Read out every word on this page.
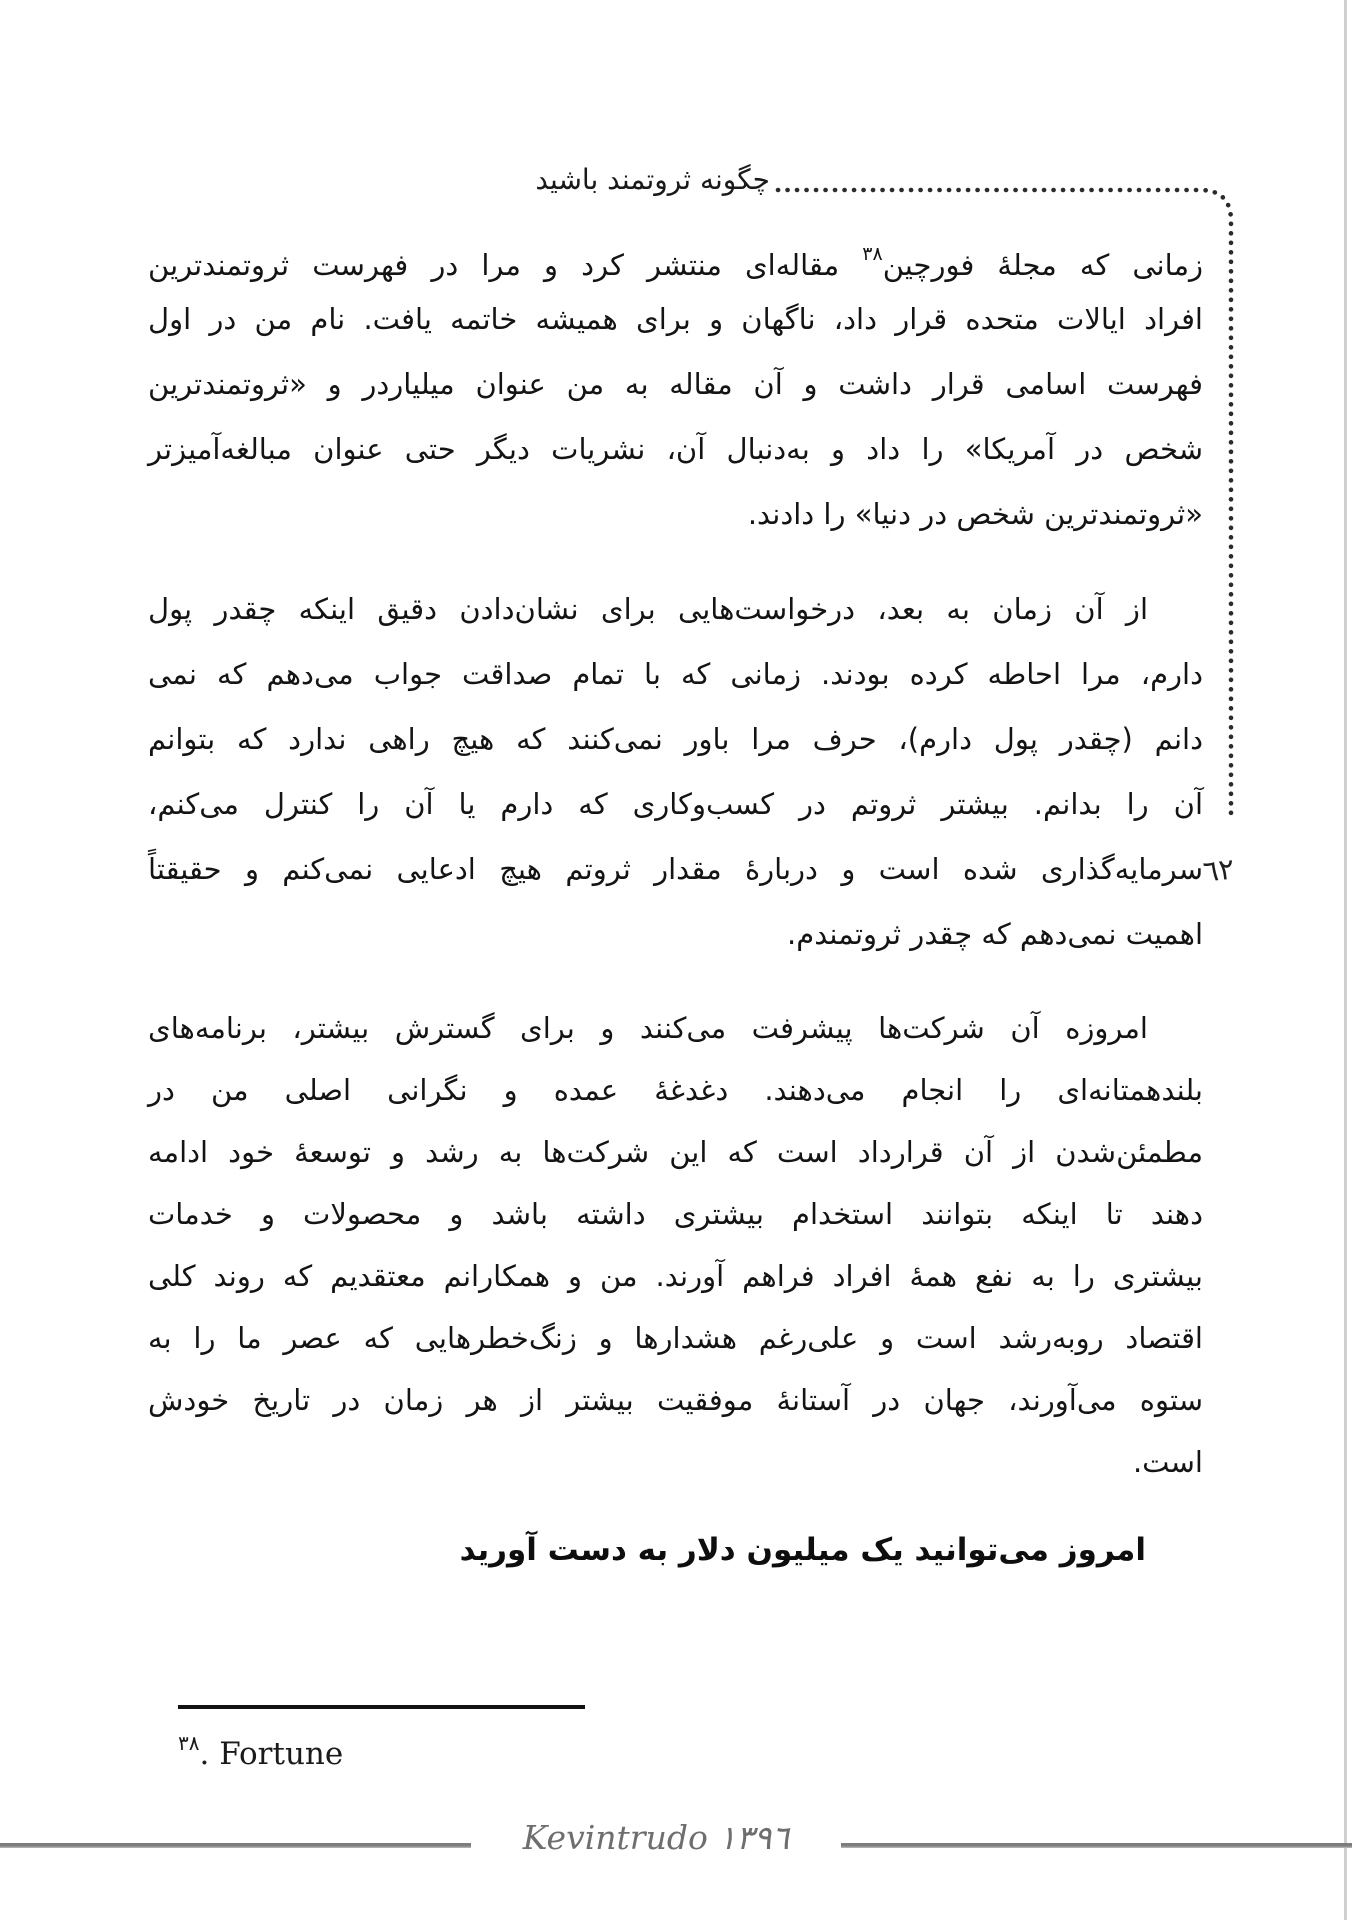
چگونه ثروتمند باشید
٦٢
زمانی که مجلۀ فورچین$^{٣٨}$ مقاله‌ای منتشر کرد و مرا در فهرست ثروتمندترین
افراد ایالات متحده قرار داد، ناگهان و برای همیشه خاتمه یافت. نام من در اول
فهرست اسامی قرار داشت و آن مقاله به من عنوان میلیاردر و «ثروتمندترین
شخص در آمریکا» را داد و به‌دنبال آن، نشریات دیگر حتی عنوان مبالغه‌آمیزتر
«ثروتمندترین شخص در دنیا» را دادند.
از آن زمان به بعد، درخواست‌هایی برای نشان‌دادن دقیق اینکه چقدر پول
دارم، مرا احاطه کرده بودند. زمانی که با تمام صداقت جواب می‌دهم که نمی
دانم (چقدر پول دارم)، حرف مرا باور نمی‌کنند که هیچ راهی ندارد که بتوانم
آن را بدانم. بیشتر ثروتم در کسب‌وکاری که دارم یا آن را کنترل می‌کنم،
سرمایه‌گذاری شده است و دربارۀ مقدار ثروتم هیچ ادعایی نمی‌کنم و حقیقتاً
اهمیت نمی‌دهم که چقدر ثروتمندم.
امروزه آن شرکت‌ها پیشرفت می‌کنند و برای گسترش بیشتر، برنامه‌های
بلندهمتانه‌ای را انجام می‌دهند. دغدغۀ عمده و نگرانی اصلی من در
مطمئن‌شدن از آن قرارداد است که این شرکت‌ها به رشد و توسعۀ خود ادامه
دهند تا اینکه بتوانند استخدام بیشتری داشته باشد و محصولات و خدمات
بیشتری را به نفع همۀ افراد فراهم آورند. من و همکارانم معتقدیم که روند کلی
اقتصاد روبه‌رشد است و علی‌رغم هشدارها و زنگ‌خطرهایی که عصر ما را به
ستوه می‌آورند، جهان در آستانۀ موفقیت بیشتر از هر زمان در تاریخ خودش
است.
امروز می‌توانید یک میلیون دلار به دست آورید
$^{٣٨}$. Fortune
Kevintrudo ١٣٩٦
